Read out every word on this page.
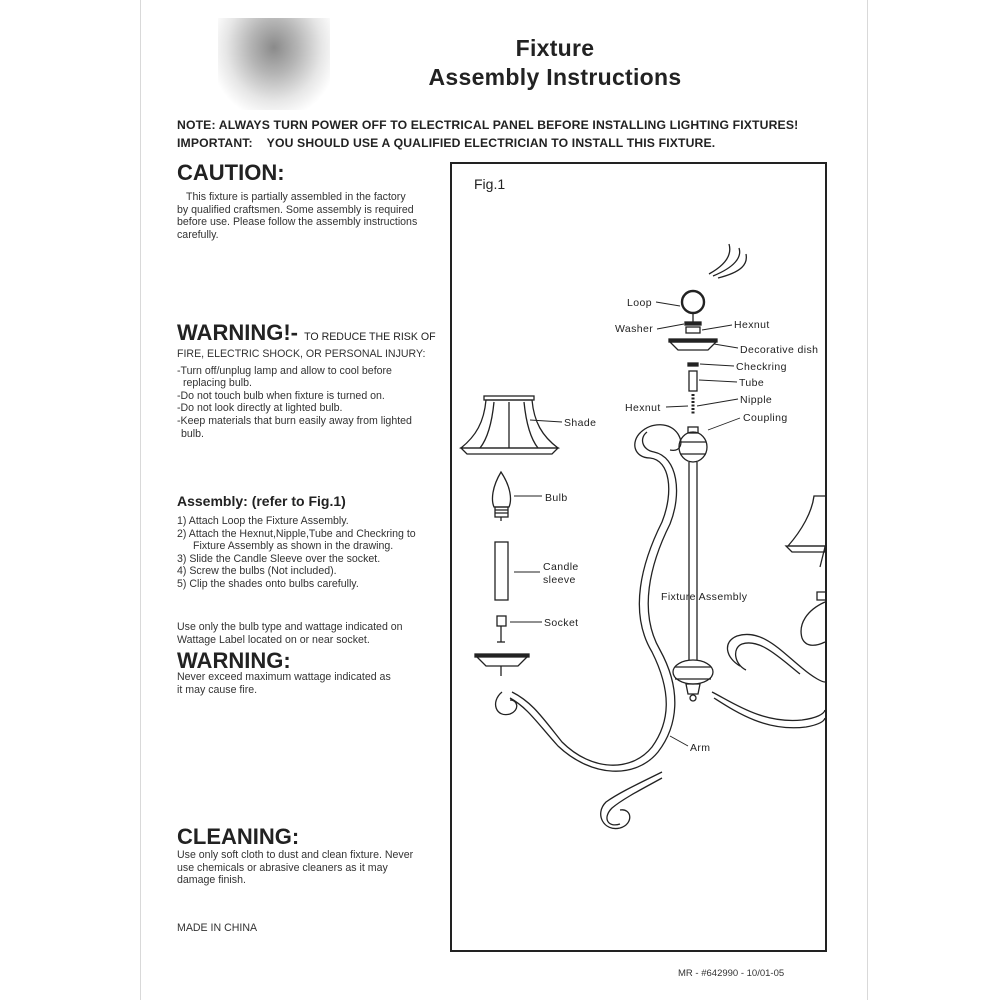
Fixture
Assembly Instructions
NOTE: ALWAYS TURN POWER OFF TO ELECTRICAL PANEL BEFORE INSTALLING LIGHTING FIXTURES!
IMPORTANT:    YOU SHOULD USE A QUALIFIED ELECTRICIAN TO INSTALL THIS FIXTURE.
CAUTION:
This fixture is partially assembled in the factory
by qualified craftsmen. Some assembly is required
before use. Please follow the assembly instructions
carefully.
WARNING!- TO REDUCE THE RISK OF
FIRE, ELECTRIC SHOCK, OR PERSONAL INJURY:
-Turn off/unplug lamp and allow to cool before
replacing bulb.
-Do not touch bulb when fixture is turned on.
-Do not look directly at lighted bulb.
-Keep materials that burn easily away from lighted
bulb.
Assembly: (refer to Fig.1)
1) Attach Loop the Fixture Assembly.
2) Attach the Hexnut,Nipple,Tube and Checkring to
Fixture Assembly as shown in the drawing.
3) Slide the Candle Sleeve over the socket.
4) Screw the bulbs (Not included).
5) Clip the shades onto bulbs carefully.
Use only the bulb type and wattage indicated on
Wattage Label located on or near socket.
WARNING:
Never exceed maximum wattage indicated as
it may cause fire.
CLEANING:
Use only soft cloth to dust and clean fixture. Never
use chemicals or abrasive cleaners as it may
damage finish.
MADE IN CHINA
Loop
Washer	Hexnut
Decorative dish
Checkring
Tube
Hexnut
Nipple
Coupling
Shade
Bulb
Candle
sleeve
Socket
Fixture Assembly
Arm
Fig.1
MR - #642990 - 10/01-05
